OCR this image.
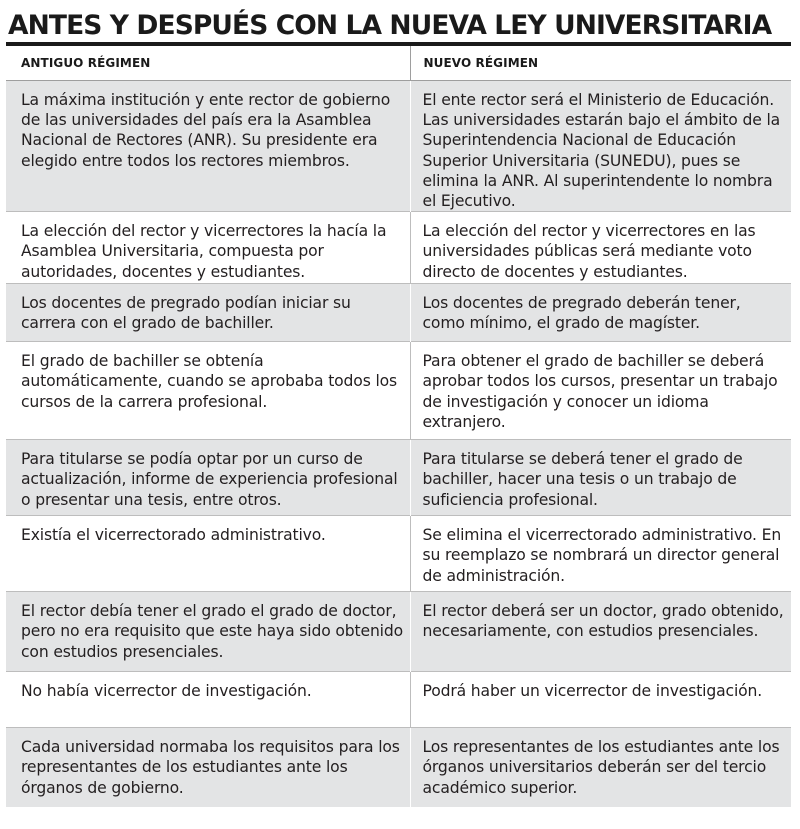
ANTES Y DESPUÉS CON LA NUEVA LEY UNIVERSITARIA
ANTIGUO RÉGIMEN	NUEVO RÉGIMEN
La máxima institución y ente rector de gobierno de las universidades del país era la Asamblea Nacional de Rectores (ANR). Su presidente era elegido entre todos los rectores miembros.	El ente rector será el Ministerio de Educación. Las universidades estarán bajo el ámbito de la Superintendencia Nacional de Educación Superior Universitaria (SUNEDU), pues se elimina la ANR. Al superintendente lo nombra el Ejecutivo.
La elección del rector y vicerrectores la hacía la Asamblea Universitaria, compuesta por autoridades, docentes y estudiantes.	La elección del rector y vicerrectores en las universidades públicas será mediante voto directo de docentes y estudiantes.
Los docentes de pregrado podían iniciar su carrera con el grado de bachiller.	Los docentes de pregrado deberán tener, como mínimo, el grado de magíster.
El grado de bachiller se obtenía automáticamente, cuando se aprobaba todos los cursos de la carrera profesional.	Para obtener el grado de bachiller se deberá aprobar todos los cursos, presentar un trabajo de investigación y conocer un idioma extranjero.
Para titularse se podía optar por un curso de actualización, informe de experiencia profesional o presentar una tesis, entre otros.	Para titularse se deberá tener el grado de bachiller, hacer una tesis o un trabajo de suficiencia profesional.
Existía el vicerrectorado administrativo.	Se elimina el vicerrectorado administrativo. En su reemplazo se nombrará un director general de administración.
El rector debía tener el grado el grado de doctor, pero no era requisito que este haya sido obtenido con estudios presenciales.	El rector deberá ser un doctor, grado obtenido, necesariamente, con estudios presenciales.
No había vicerrector de investigación.	Podrá haber un vicerrector de investigación.
Cada universidad normaba los requisitos para los representantes de los estudiantes ante los órganos de gobierno.	Los representantes de los estudiantes ante los órganos universitarios deberán ser del tercio académico superior.
